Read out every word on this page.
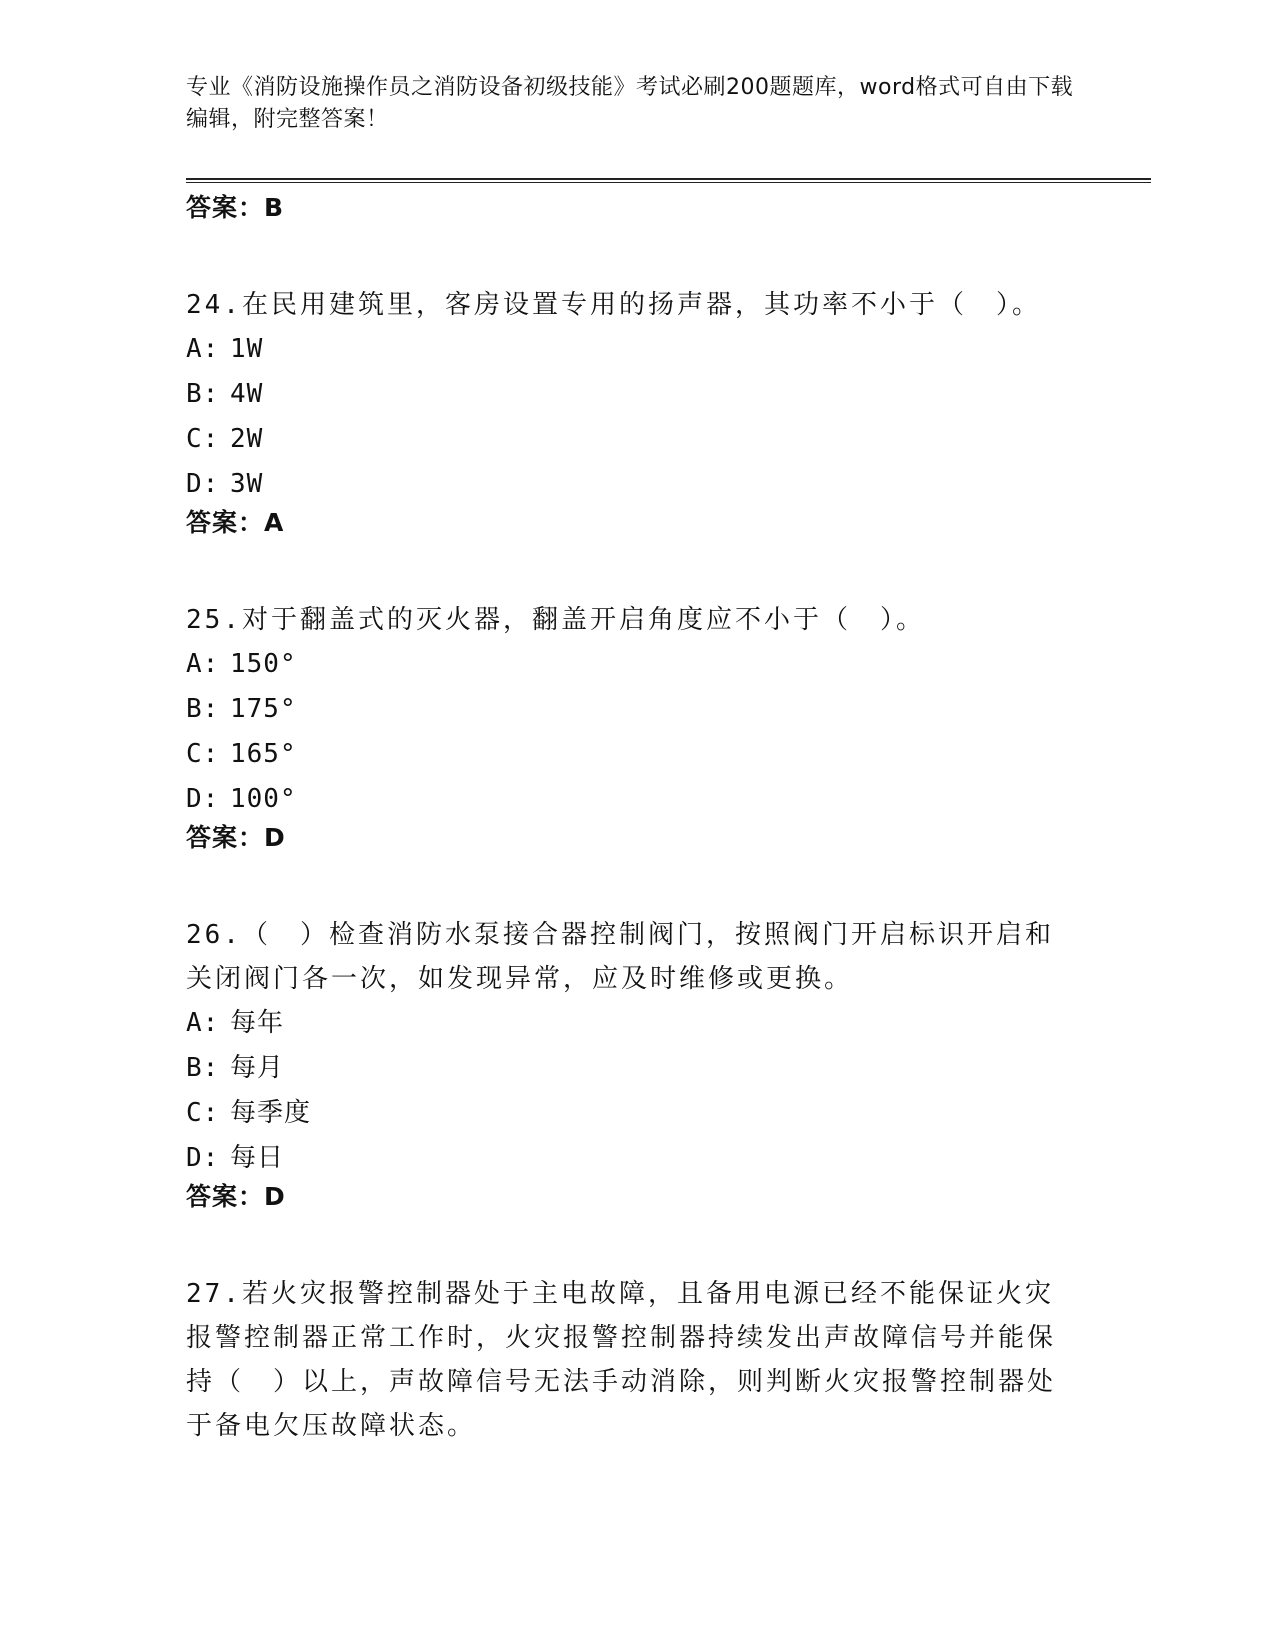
专业《消防设施操作员之消防设备初级技能》考试必刷200题题库，word格式可自由下载编辑，附完整答案！
答案：B
24.在民用建筑里，客房设置专用的扬声器，其功率不小于（　）。
A: 1W
B: 4W
C: 2W
D: 3W
答案：A
25.对于翻盖式的灭火器，翻盖开启角度应不小于（　）。
A: 150°
B: 175°
C: 165°
D: 100°
答案：D
26.（　）检查消防水泵接合器控制阀门，按照阀门开启标识开启和关闭阀门各一次，如发现异常，应及时维修或更换。
A: 每年
B: 每月
C: 每季度
D: 每日
答案：D
27.若火灾报警控制器处于主电故障，且备用电源已经不能保证火灾报警控制器正常工作时，火灾报警控制器持续发出声故障信号并能保持（　）以上，声故障信号无法手动消除，则判断火灾报警控制器处于备电欠压故障状态。
